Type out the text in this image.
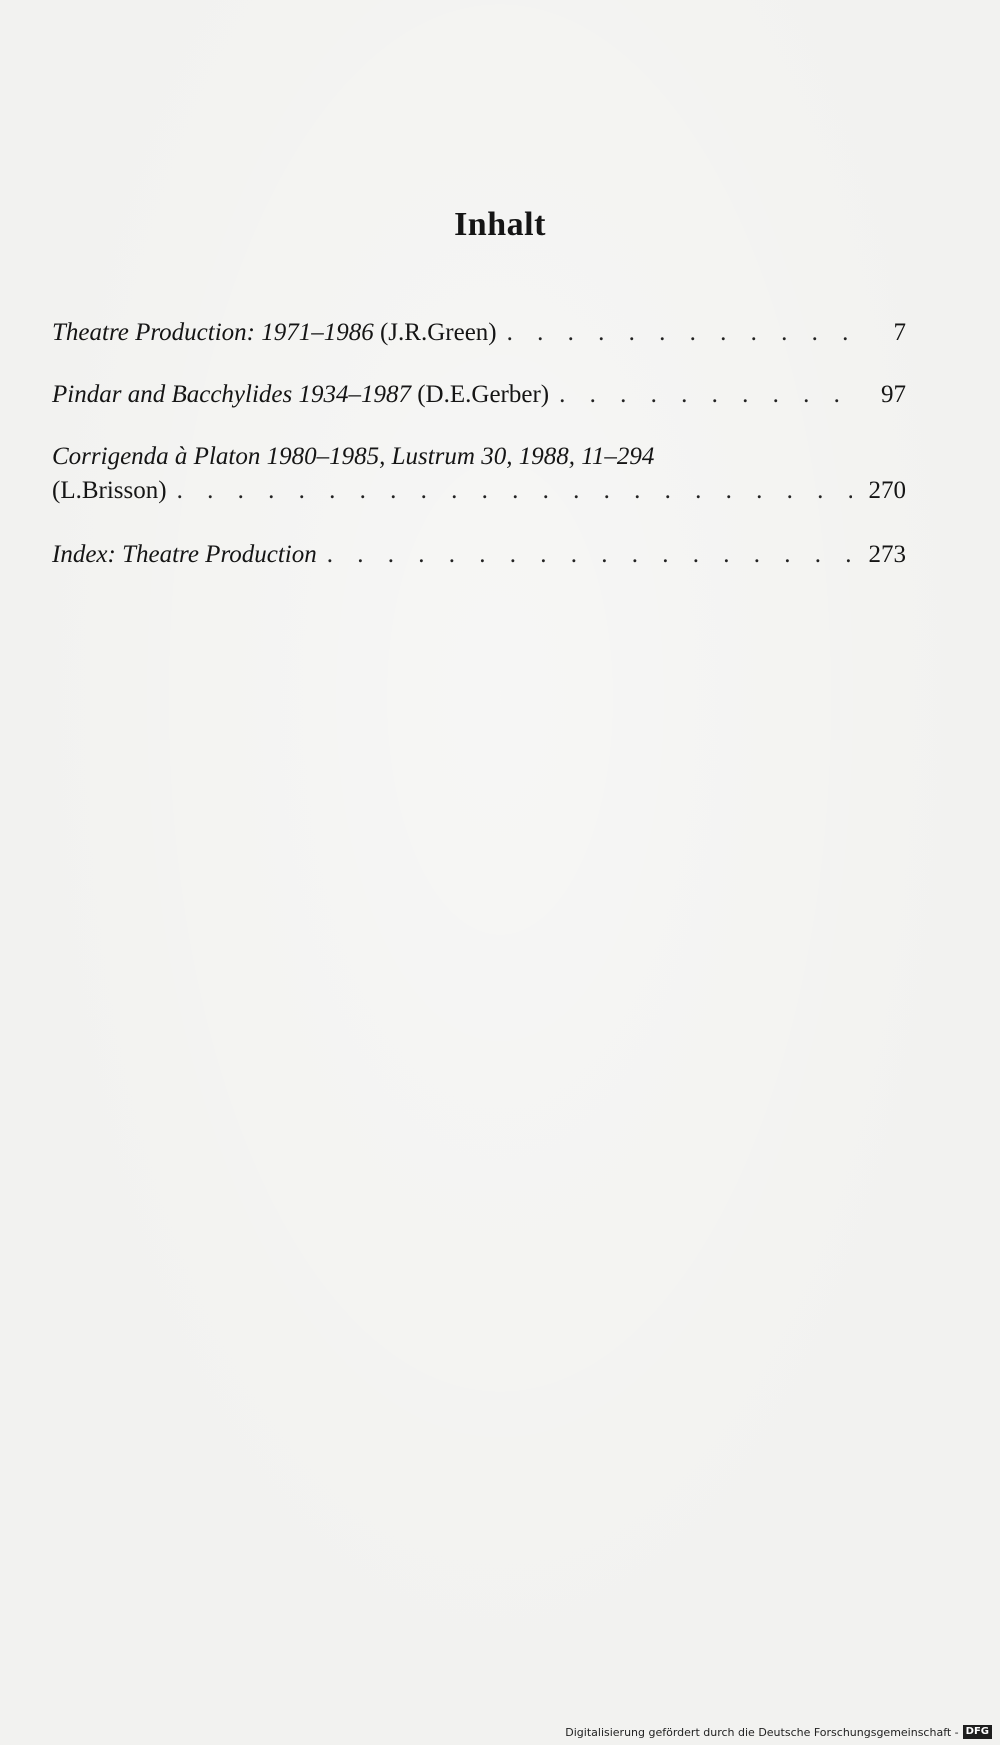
Inhalt
Theatre Production: 1971–1986
(J.R.Green) . . .	7
Pindar and Bacchylides 1934–1987
(D.E.Gerber) . . .	97
Corrigenda à Platon 1980–1985, Lustrum 30, 1988, 11–294
(L.Brisson) . . .	270
Index: Theatre Production . . .	273
Digitalisierung gefördert durch die Deutsche Forschungsgemeinschaft - DFG
